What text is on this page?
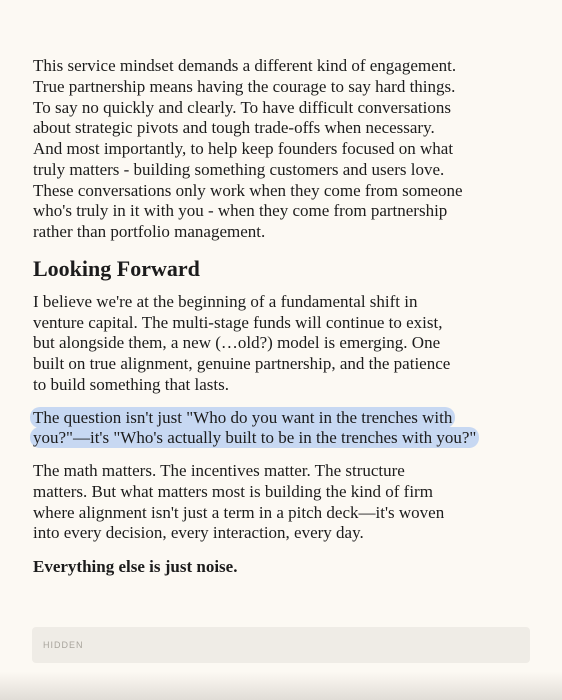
This service mindset demands a different kind of engagement.
True partnership means having the courage to say hard things.
To say no quickly and clearly. To have difficult conversations
about strategic pivots and tough trade-offs when necessary.
And most importantly, to help keep founders focused on what
truly matters - building something customers and users love.
These conversations only work when they come from someone
who's truly in it with you - when they come from partnership
rather than portfolio management.

Looking Forward

I believe we're at the beginning of a fundamental shift in
venture capital. The multi-stage funds will continue to exist,
but alongside them, a new (…old?) model is emerging. One
built on true alignment, genuine partnership, and the patience
to build something that lasts.

The question isn't just "Who do you want in the trenches with
you?"—it's "Who's actually built to be in the trenches with you?"

The math matters. The incentives matter. The structure
matters. But what matters most is building the kind of firm
where alignment isn't just a term in a pitch deck—it's woven
into every decision, every interaction, every day.

Everything else is just noise.

HIDDEN
